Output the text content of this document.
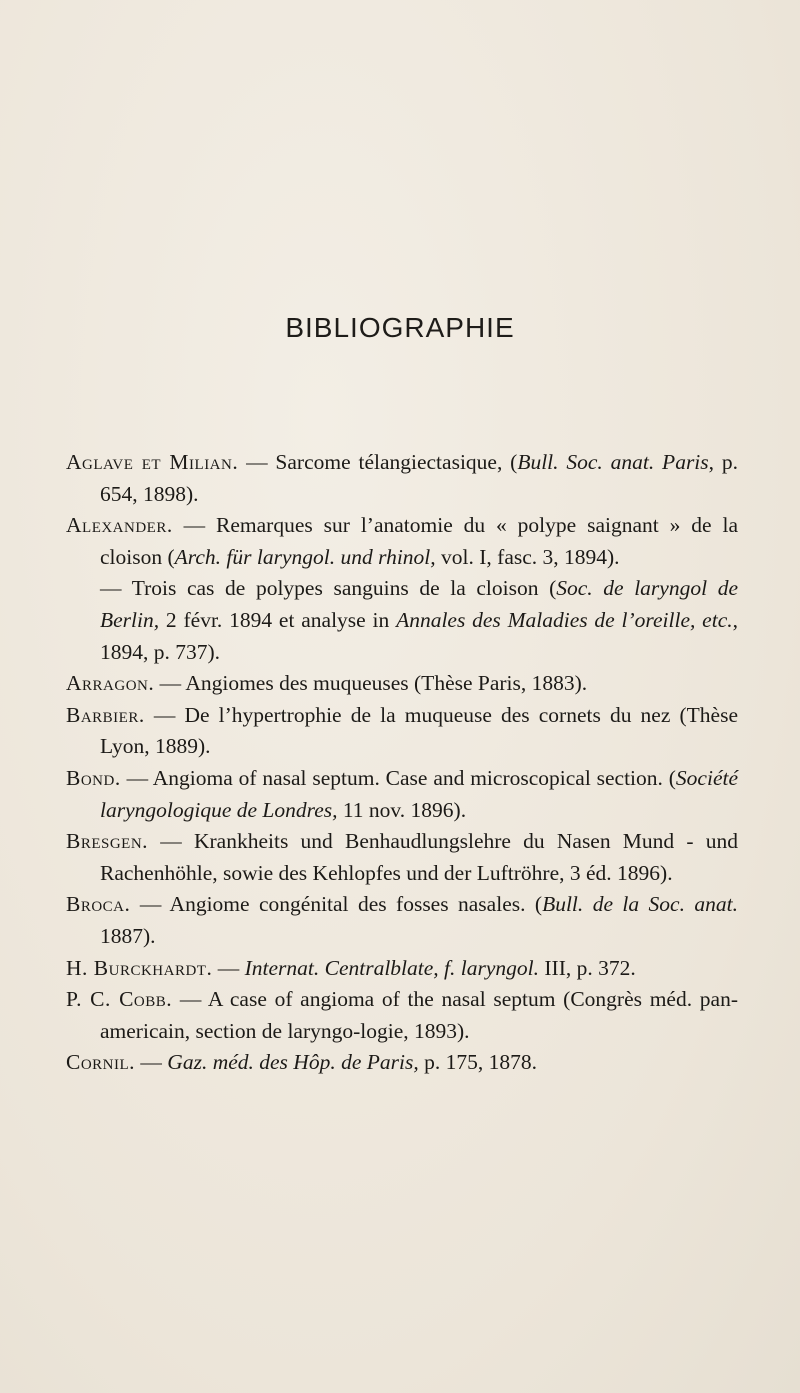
BIBLIOGRAPHIE

Aglave et Milian. — Sarcome télangiectasique, (Bull. Soc. anat. Paris, p. 654, 1898).

Alexander. — Remarques sur l’anatomie du « polype saignant » de la cloison (Arch. für laryngol. und rhinol, vol. I, fasc. 3, 1894).

— Trois cas de polypes sanguins de la cloison (Soc. de laryngol de Berlin, 2 févr. 1894 et analyse in Annales des Maladies de l’oreille, etc., 1894, p. 737).

Arragon. — Angiomes des muqueuses (Thèse Paris, 1883).

Barbier. — De l’hypertrophie de la muqueuse des cornets du nez (Thèse Lyon, 1889).

Bond. — Angioma of nasal septum. Case and microscopical section. (Société laryngologique de Londres, 11 nov. 1896).

Bresgen. — Krankheits und Benhaudlungslehre du Nasen Mund - und Rachenhöhle, sowie des Kehlopfes und der Luftröhre, 3 éd. 1896).

Broca. — Angiome congénital des fosses nasales. (Bull. de la Soc. anat. 1887).

H. Burckhardt. — Internat. Centralblate, f. laryngol. III, p. 372.

P. C. Cobb. — A case of angioma of the nasal septum (Congrès méd. pan-americain, section de laryngo-logie, 1893).

Cornil. — Gaz. méd. des Hôp. de Paris, p. 175, 1878.
